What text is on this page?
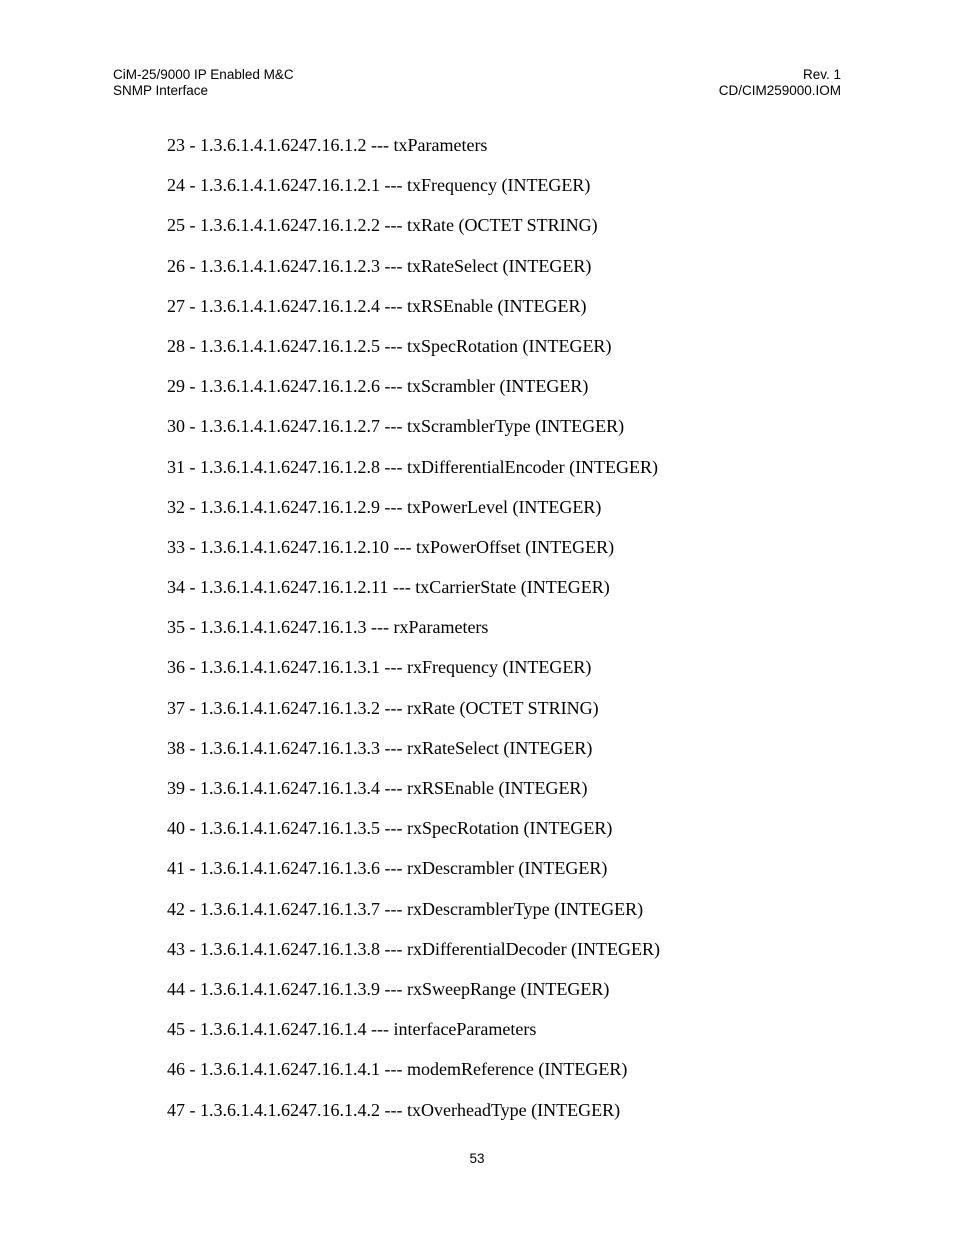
CiM-25/9000 IP Enabled M&C
SNMP Interface
Rev. 1
CD/CIM259000.IOM
23 - 1.3.6.1.4.1.6247.16.1.2 --- txParameters
24 - 1.3.6.1.4.1.6247.16.1.2.1 --- txFrequency (INTEGER)
25 - 1.3.6.1.4.1.6247.16.1.2.2 --- txRate (OCTET STRING)
26 - 1.3.6.1.4.1.6247.16.1.2.3 --- txRateSelect (INTEGER)
27 - 1.3.6.1.4.1.6247.16.1.2.4 --- txRSEnable (INTEGER)
28 - 1.3.6.1.4.1.6247.16.1.2.5 --- txSpecRotation (INTEGER)
29 - 1.3.6.1.4.1.6247.16.1.2.6 --- txScrambler (INTEGER)
30 - 1.3.6.1.4.1.6247.16.1.2.7 --- txScramblerType (INTEGER)
31 - 1.3.6.1.4.1.6247.16.1.2.8 --- txDifferentialEncoder (INTEGER)
32 - 1.3.6.1.4.1.6247.16.1.2.9 --- txPowerLevel (INTEGER)
33 - 1.3.6.1.4.1.6247.16.1.2.10 --- txPowerOffset (INTEGER)
34 - 1.3.6.1.4.1.6247.16.1.2.11 --- txCarrierState (INTEGER)
35 - 1.3.6.1.4.1.6247.16.1.3 --- rxParameters
36 - 1.3.6.1.4.1.6247.16.1.3.1 --- rxFrequency (INTEGER)
37 - 1.3.6.1.4.1.6247.16.1.3.2 --- rxRate (OCTET STRING)
38 - 1.3.6.1.4.1.6247.16.1.3.3 --- rxRateSelect (INTEGER)
39 - 1.3.6.1.4.1.6247.16.1.3.4 --- rxRSEnable (INTEGER)
40 - 1.3.6.1.4.1.6247.16.1.3.5 --- rxSpecRotation (INTEGER)
41 - 1.3.6.1.4.1.6247.16.1.3.6 --- rxDescrambler (INTEGER)
42 - 1.3.6.1.4.1.6247.16.1.3.7 --- rxDescramblerType (INTEGER)
43 - 1.3.6.1.4.1.6247.16.1.3.8 --- rxDifferentialDecoder (INTEGER)
44 - 1.3.6.1.4.1.6247.16.1.3.9 --- rxSweepRange (INTEGER)
45 - 1.3.6.1.4.1.6247.16.1.4 --- interfaceParameters
46 - 1.3.6.1.4.1.6247.16.1.4.1 --- modemReference (INTEGER)
47 - 1.3.6.1.4.1.6247.16.1.4.2 --- txOverheadType (INTEGER)
53
